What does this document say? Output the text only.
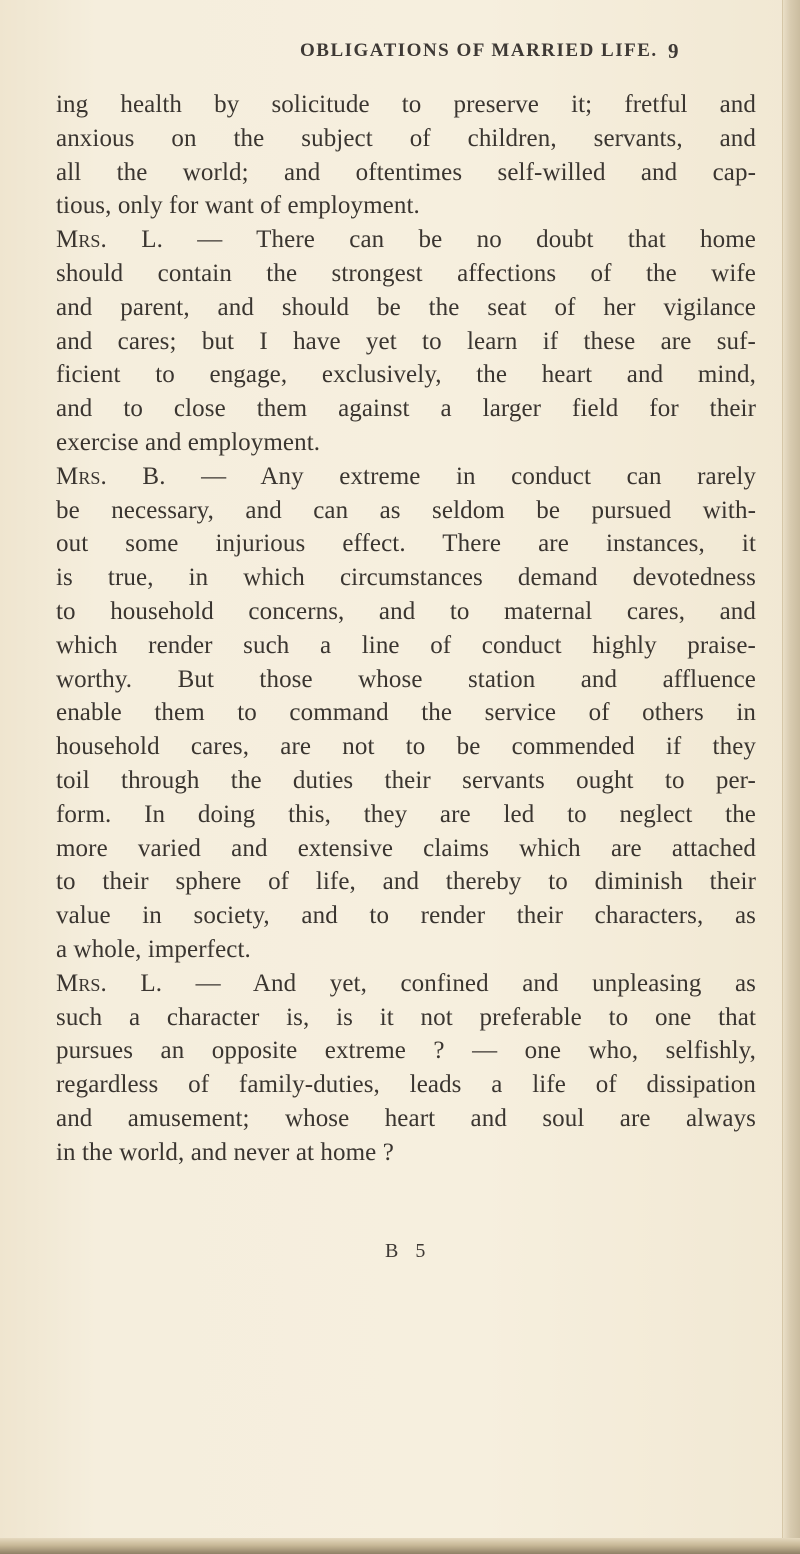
OBLIGATIONS OF MARRIED LIFE. 9
ing health by solicitude to preserve it; fretful and
anxious on the subject of children, servants, and
all the world; and oftentimes self-willed and cap-
tious, only for want of employment.
Mrs. L. — There can be no doubt that home
should contain the strongest affections of the wife
and parent, and should be the seat of her vigilance
and cares; but I have yet to learn if these are suf-
ficient to engage, exclusively, the heart and mind,
and to close them against a larger field for their
exercise and employment.
Mrs. B. — Any extreme in conduct can rarely
be necessary, and can as seldom be pursued with-
out some injurious effect. There are instances, it
is true, in which circumstances demand devotedness
to household concerns, and to maternal cares, and
which render such a line of conduct highly praise-
worthy. But those whose station and affluence
enable them to command the service of others in
household cares, are not to be commended if they
toil through the duties their servants ought to per-
form. In doing this, they are led to neglect the
more varied and extensive claims which are attached
to their sphere of life, and thereby to diminish their
value in society, and to render their characters, as
a whole, imperfect.
Mrs. L. — And yet, confined and unpleasing as
such a character is, is it not preferable to one that
pursues an opposite extreme ? — one who, selfishly,
regardless of family-duties, leads a life of dissipation
and amusement; whose heart and soul are always
in the world, and never at home ?
B 5
